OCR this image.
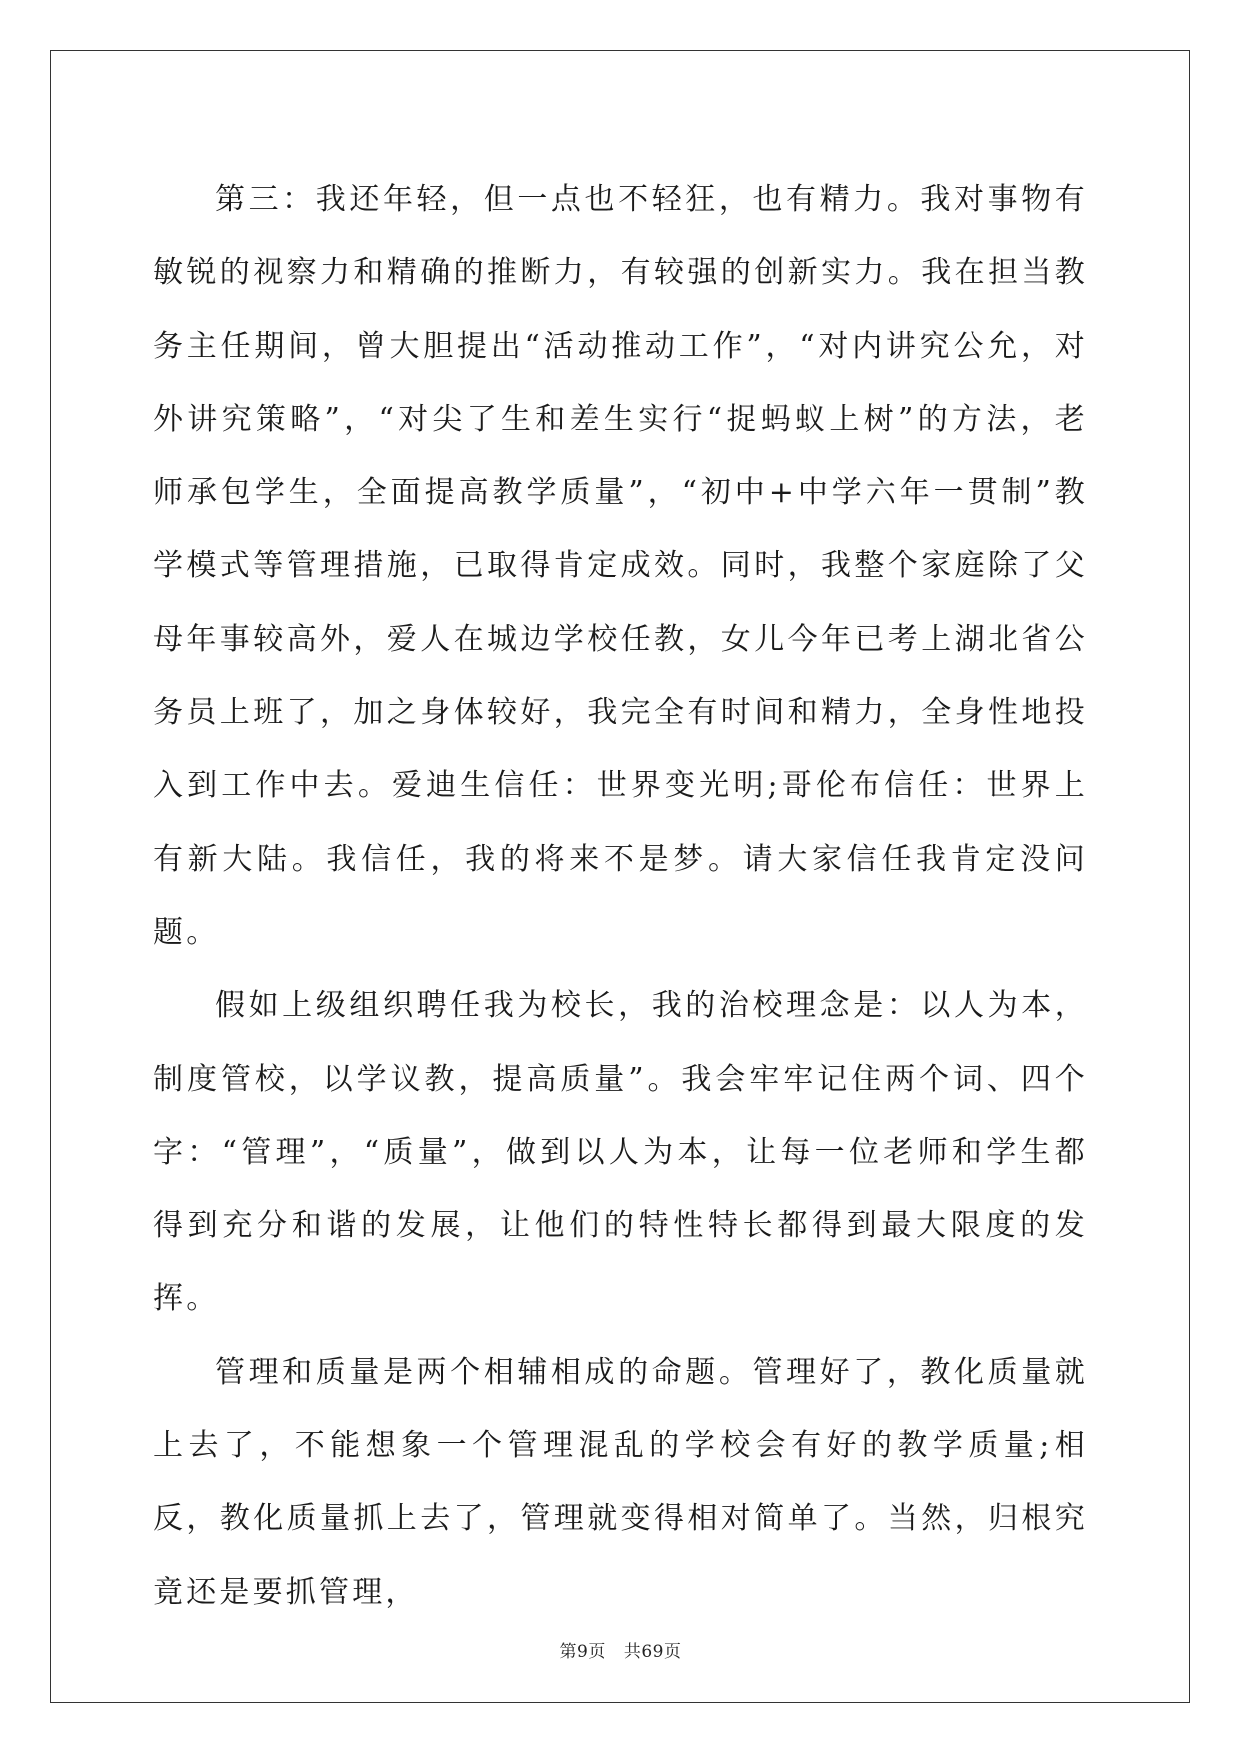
第三：我还年轻，但一点也不轻狂，也有精力。我对事物有敏锐的视察力和精确的推断力，有较强的创新实力。我在担当教务主任期间，曾大胆提出“活动推动工作”，“对内讲究公允，对外讲究策略”，“对尖了生和差生实行“捉蚂蚁上树”的方法，老师承包学生，全面提高教学质量”，“初中+中学六年一贯制”教学模式等管理措施，已取得肯定成效。同时，我整个家庭除了父母年事较高外，爱人在城边学校任教，女儿今年已考上湖北省公务员上班了，加之身体较好，我完全有时间和精力，全身性地投入到工作中去。爱迪生信任：世界变光明;哥伦布信任：世界上有新大陆。我信任，我的将来不是梦。请大家信任我肯定没问题。

假如上级组织聘任我为校长，我的治校理念是：以人为本，制度管校，以学议教，提高质量”。我会牢牢记住两个词、四个字：“管理”，“质量”，做到以人为本，让每一位老师和学生都得到充分和谐的发展，让他们的特性特长都得到最大限度的发挥。

管理和质量是两个相辅相成的命题。管理好了，教化质量就上去了，不能想象一个管理混乱的学校会有好的教学质量;相反，教化质量抓上去了，管理就变得相对简单了。当然，归根究竟还是要抓管理，

第9页 共69页
